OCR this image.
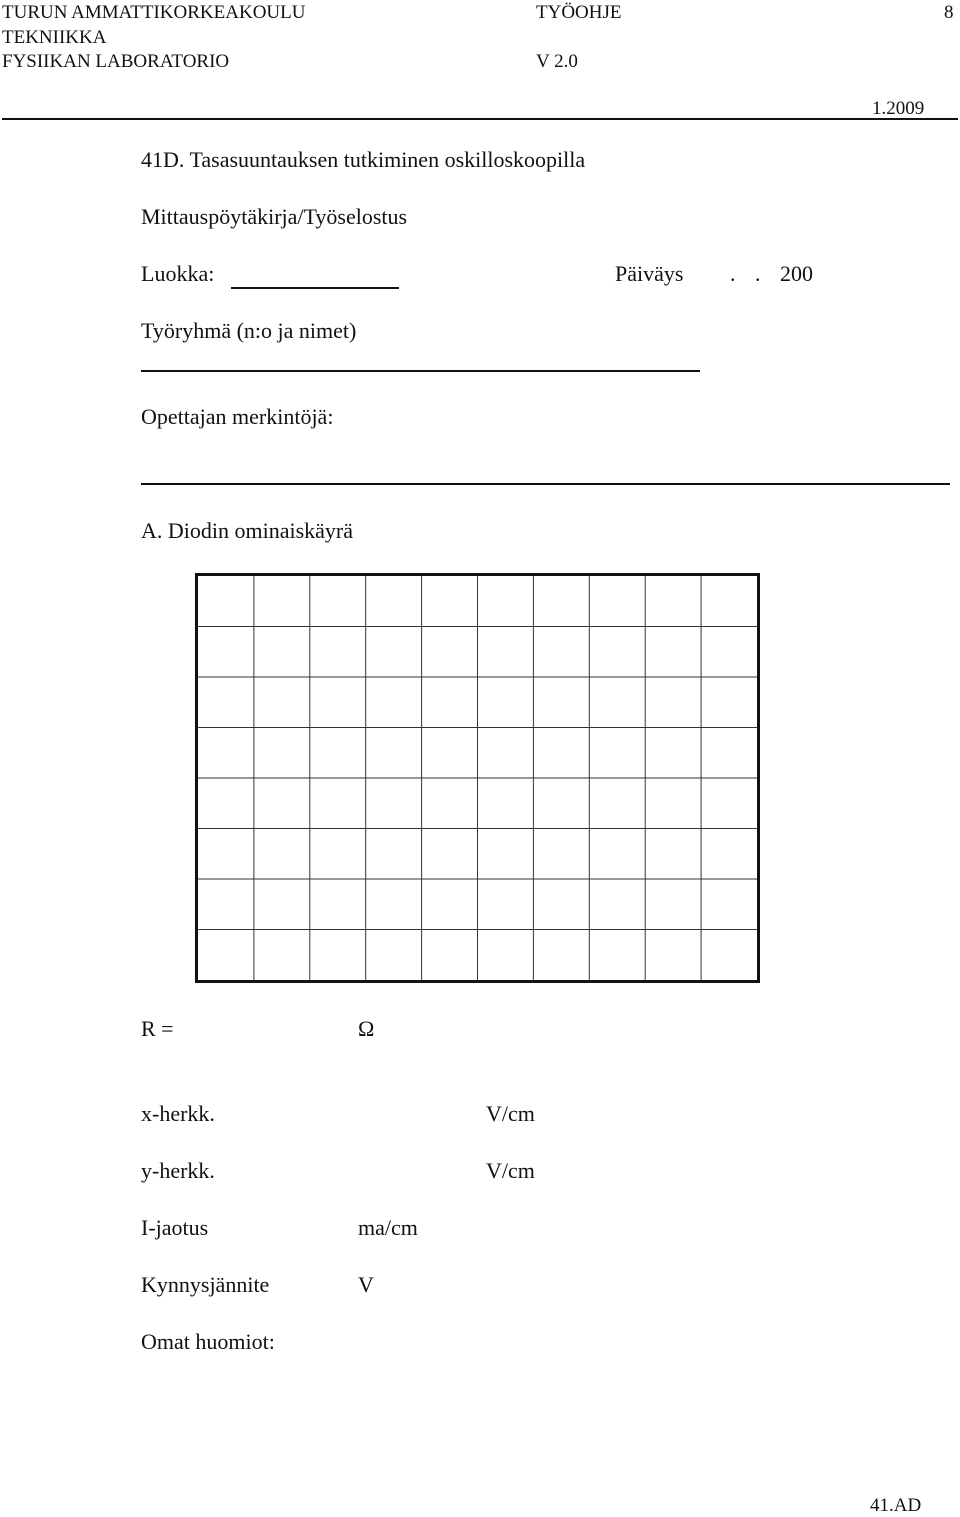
TURUN AMMATTIKORKEAKOULU
TEKNIIKKA
FYSIIKAN LABORATORIO
TYÖOHJE
V 2.0
8
1.2009
41D. Tasasuuntauksen tutkiminen oskilloskoopilla
Mittauspöytäkirja/Työselostus
Luokka:	Päiväys . . 200
Työryhmä (n:o ja nimet)
Opettajan merkintöjä:
A. Diodin ominaiskäyrä
R =	Ω
x-herkk.	V/cm
y-herkk.	V/cm
I-jaotus	ma/cm
Kynnysjännite	V
Omat huomiot:
41.AD
